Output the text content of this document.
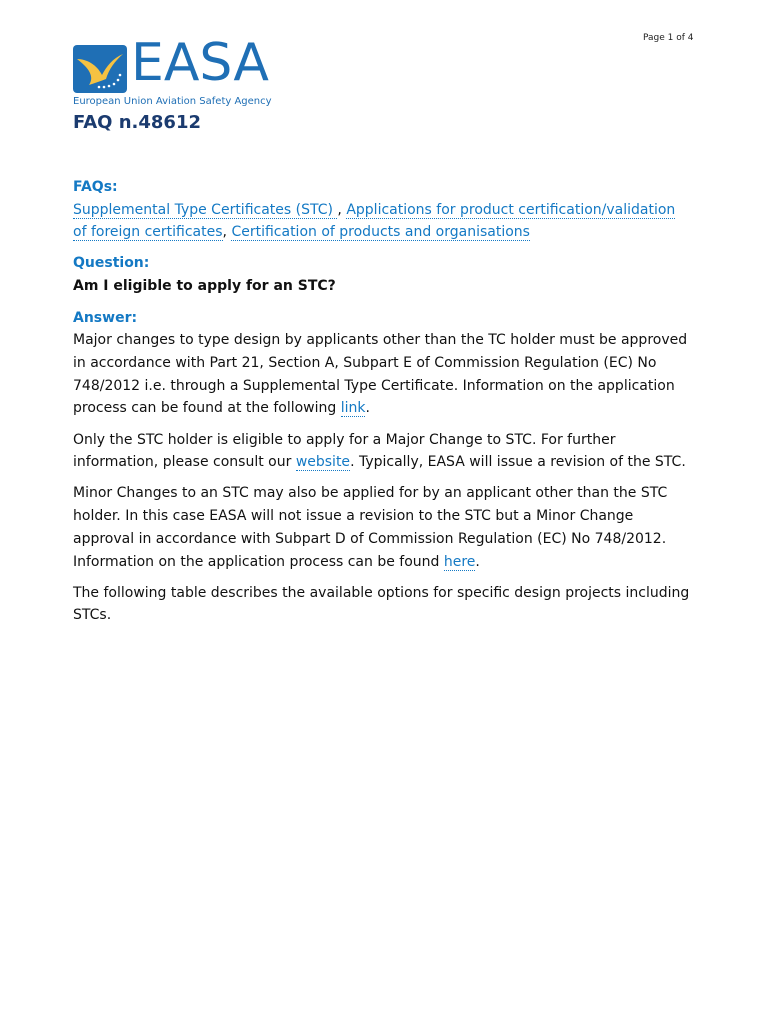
Page 1 of 4
EASA
European Union Aviation Safety Agency
FAQ n.48612

FAQs:

Supplemental Type Certificates (STC) , Applications for product certification/validation of foreign certificates, Certification of products and organisations

Question:

Am I eligible to apply for an STC?

Answer:

Major changes to type design by applicants other than the TC holder must be approved in accordance with Part 21, Section A, Subpart E of Commission Regulation (EC) No 748/2012 i.e. through a Supplemental Type Certificate. Information on the application process can be found at the following link.

Only the STC holder is eligible to apply for a Major Change to STC. For further information, please consult our website. Typically, EASA will issue a revision of the STC.

Minor Changes to an STC may also be applied for by an applicant other than the STC holder. In this case EASA will not issue a revision to the STC but a Minor Change approval in accordance with Subpart D of Commission Regulation (EC) No 748/2012. Information on the application process can be found here.

The following table describes the available options for specific design projects including STCs.
